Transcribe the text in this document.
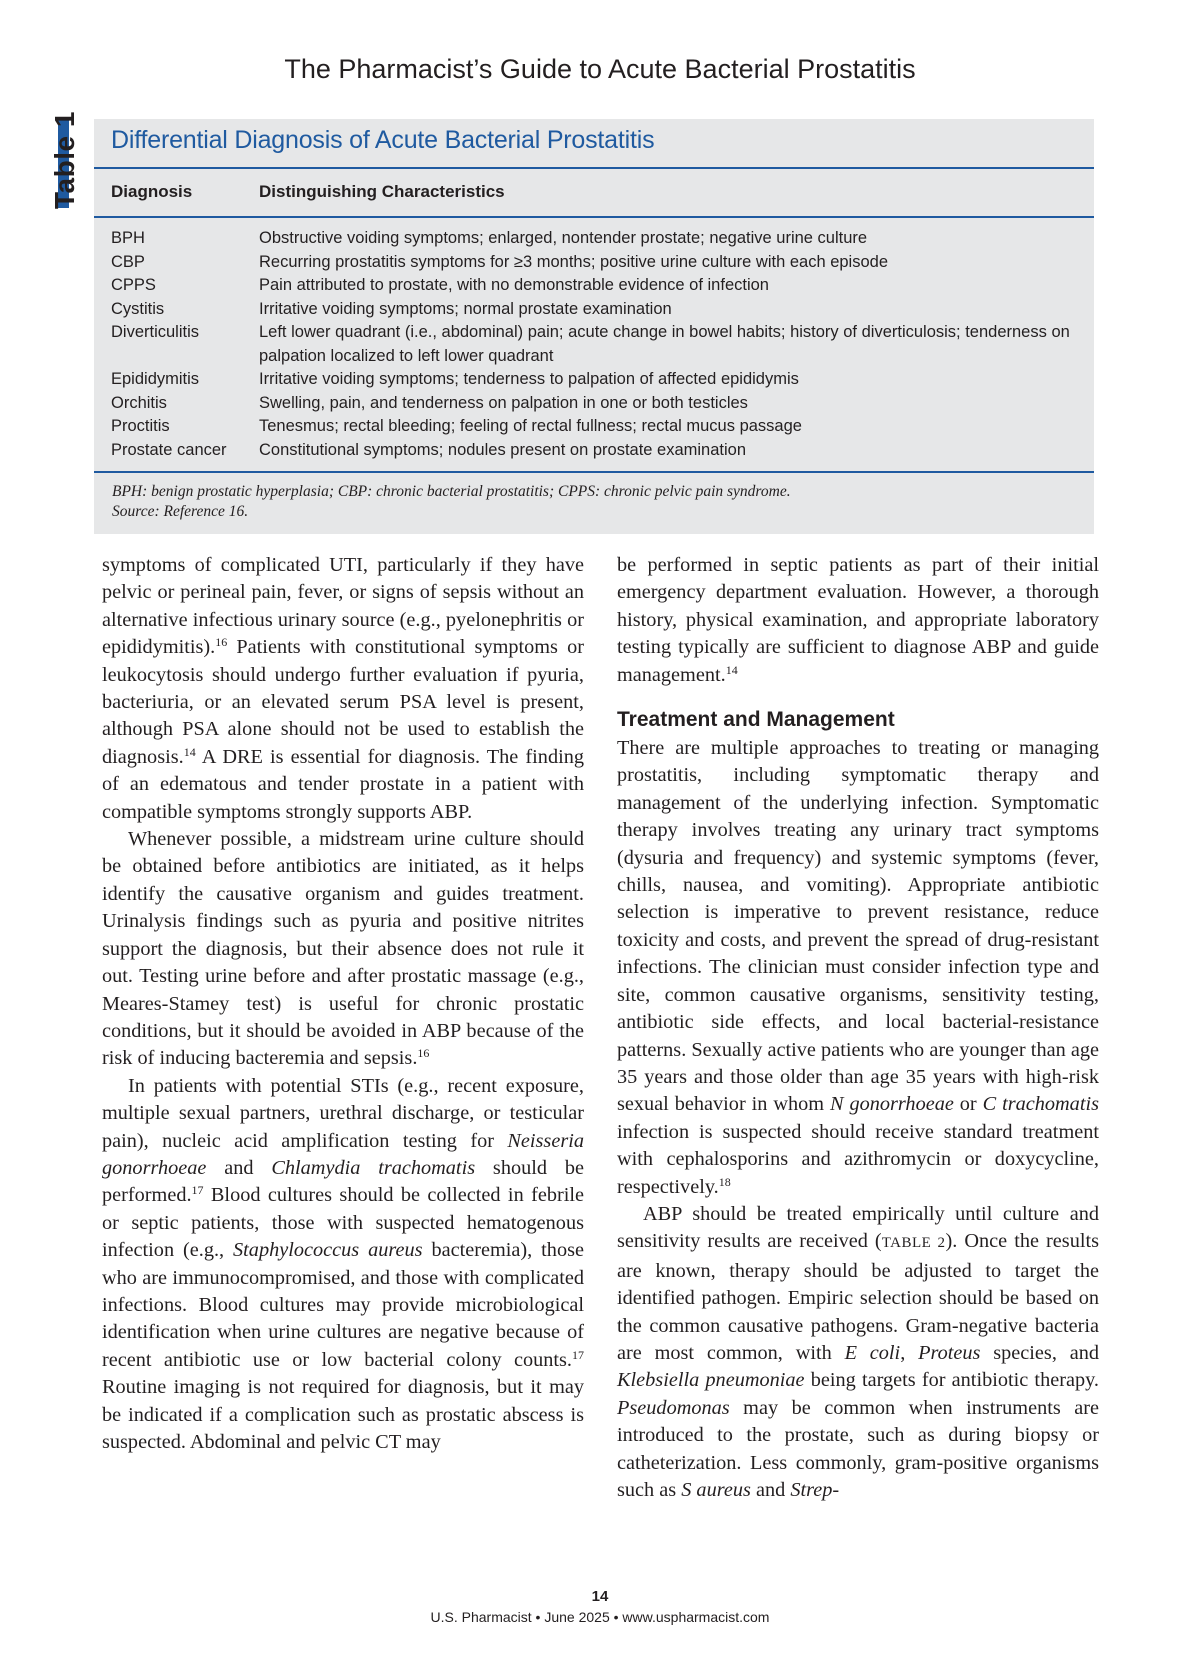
The Pharmacist’s Guide to Acute Bacterial Prostatitis
Table 1 Differential Diagnosis of Acute Bacterial Prostatitis
Diagnosis	Distinguishing Characteristics
BPH	Obstructive voiding symptoms; enlarged, nontender prostate; negative urine culture
CBP	Recurring prostatitis symptoms for ≥3 months; positive urine culture with each episode
CPPS	Pain attributed to prostate, with no demonstrable evidence of infection
Cystitis	Irritative voiding symptoms; normal prostate examination
Diverticulitis	Left lower quadrant (i.e., abdominal) pain; acute change in bowel habits; history of diverticulosis; tenderness on palpation localized to left lower quadrant
Epididymitis	Irritative voiding symptoms; tenderness to palpation of affected epididymis
Orchitis	Swelling, pain, and tenderness on palpation in one or both testicles
Proctitis	Tenesmus; rectal bleeding; feeling of rectal fullness; rectal mucus passage
Prostate cancer	Constitutional symptoms; nodules present on prostate examination
BPH: benign prostatic hyperplasia; CBP: chronic bacterial prostatitis; CPPS: chronic pelvic pain syndrome.
Source: Reference 16.

symptoms of complicated UTI, particularly if they have pelvic or perineal pain, fever, or signs of sepsis without an alternative infectious urinary source (e.g., pyelonephritis or epididymitis).$^{16}$ Patients with constitutional symptoms or leukocytosis should undergo further evaluation if pyuria, bacteriuria, or an elevated serum PSA level is present, although PSA alone should not be used to establish the diagnosis.$^{14}$ A DRE is essential for diagnosis. The finding of an edematous and tender prostate in a patient with compatible symptoms strongly supports ABP.

Whenever possible, a midstream urine culture should be obtained before antibiotics are initiated, as it helps identify the causative organism and guides treatment. Urinalysis findings such as pyuria and positive nitrites support the diagnosis, but their absence does not rule it out. Testing urine before and after prostatic massage (e.g., Meares-Stamey test) is useful for chronic prostatic conditions, but it should be avoided in ABP because of the risk of inducing bacteremia and sepsis.$^{16}$

In patients with potential STIs (e.g., recent exposure, multiple sexual partners, urethral discharge, or testicular pain), nucleic acid amplification testing for Neisseria gonorrhoeae and Chlamydia trachomatis should be performed.$^{17}$ Blood cultures should be collected in febrile or septic patients, those with suspected hematogenous infection (e.g., Staphylococcus aureus bacteremia), those who are immunocompromised, and those with complicated infections. Blood cultures may provide microbiological identification when urine cultures are negative because of recent antibiotic use or low bacterial colony counts.$^{17}$ Routine imaging is not required for diagnosis, but it may be indicated if a complication such as prostatic abscess is suspected. Abdominal and pelvic CT may

be performed in septic patients as part of their initial emergency department evaluation. However, a thorough history, physical examination, and appropriate laboratory testing typically are sufficient to diagnose ABP and guide management.$^{14}$

Treatment and Management

There are multiple approaches to treating or managing prostatitis, including symptomatic therapy and management of the underlying infection. Symptomatic therapy involves treating any urinary tract symptoms (dysuria and frequency) and systemic symptoms (fever, chills, nausea, and vomiting). Appropriate antibiotic selection is imperative to prevent resistance, reduce toxicity and costs, and prevent the spread of drug-resistant infections. The clinician must consider infection type and site, common causative organisms, sensitivity testing, antibiotic side effects, and local bacterial-resistance patterns. Sexually active patients who are younger than age 35 years and those older than age 35 years with high-risk sexual behavior in whom N gonorrhoeae or C trachomatis infection is suspected should receive standard treatment with cephalosporins and azithromycin or doxycycline, respectively.$^{18}$

ABP should be treated empirically until culture and sensitivity results are received (TABLE 2). Once the results are known, therapy should be adjusted to target the identified pathogen. Empiric selection should be based on the common causative pathogens. Gram-negative bacteria are most common, with E coli, Proteus species, and Klebsiella pneumoniae being targets for antibiotic therapy. Pseudomonas may be common when instruments are introduced to the prostate, such as during biopsy or catheterization. Less commonly, gram-positive organisms such as S aureus and Strep-

14
U.S. Pharmacist • June 2025 • www.uspharmacist.com
